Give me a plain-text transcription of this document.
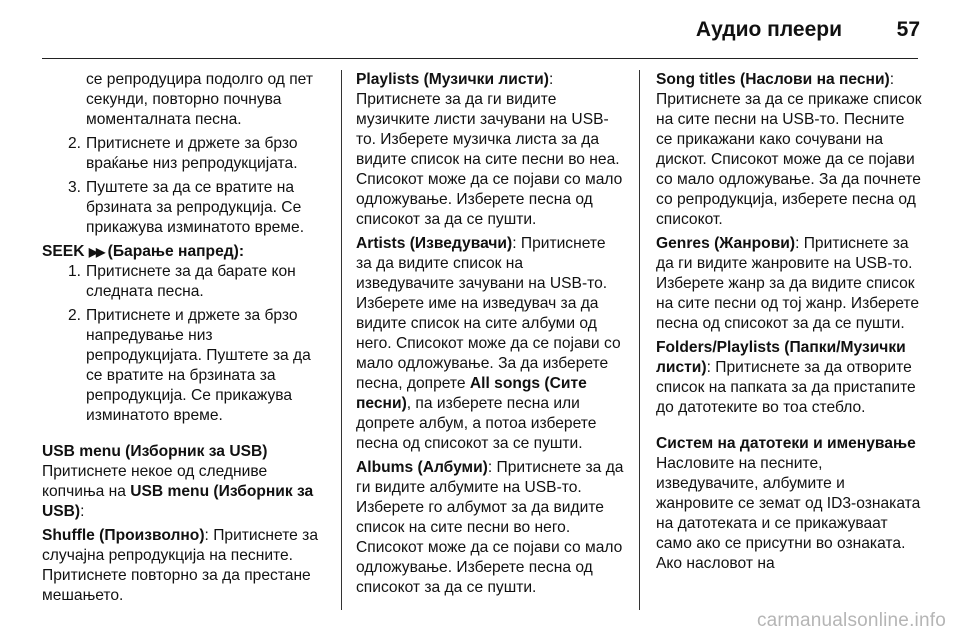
Аудио плеери	57

се репродуцира подолго од пет секунди, повторно почнува моменталната песна.

2. Притиснете и држете за брзо враќање низ репродукцијата.
3. Пуштете за да се вратите на брзината за репродукција. Се прикажува изминатото време.

SEEK ▶▶ (Барање напред):

1. Притиснете за да барате кон следната песна.
2. Притиснете и држете за брзо напредување низ репродукцијата. Пуштете за да се вратите на брзината за репродукција. Се прикажува изминатото време.

USB menu (Изборник за USB)

Притиснете некое од следниве копчиња на USB menu (Изборник за USB):

Shuffle (Произволно): Притиснете за случајна репродукција на песните. Притиснете повторно за да престане мешањето.

Playlists (Музички листи): Притиснете за да ги видите музичките листи зачувани на USB-то. Изберете музичка листа за да видите список на сите песни во неа. Списокот може да се појави со мало одложување. Изберете песна од списокот за да се пушти.

Artists (Изведувачи): Притиснете за да видите список на изведувачите зачувани на USB-то. Изберете име на изведувач за да видите список на сите албуми од него. Списокот може да се појави со мало одложување. За да изберете песна, допрете All songs (Сите песни), па изберете песна или допрете албум, а потоа изберете песна од списокот за се пушти.

Albums (Албуми): Притиснете за да ги видите албумите на USB-то. Изберете го албумот за да видите список на сите песни во него. Списокот може да се појави со мало одложување. Изберете песна од списокот за да се пушти.

Song titles (Наслови на песни): Притиснете за да се прикаже список на сите песни на USB-то. Песните се прикажани како сочувани на дискот. Списокот може да се појави со мало одложување. За да почнете со репродукција, изберете песна од списокот.

Genres (Жанрови): Притиснете за да ги видите жанровите на USB-то. Изберете жанр за да видите список на сите песни од тој жанр. Изберете песна од списокот за да се пушти.

Folders/Playlists (Папки/Музички листи): Притиснете за да отворите список на папката за да пристапите до датотеките во тоа стебло.

Систем на датотеки и именување

Насловите на песните, изведувачите, албумите и жанровите се земат од ID3-ознаката на датотеката и се прикажуваат само ако се присутни во ознаката. Ако насловот на

carmanualsonline.info
